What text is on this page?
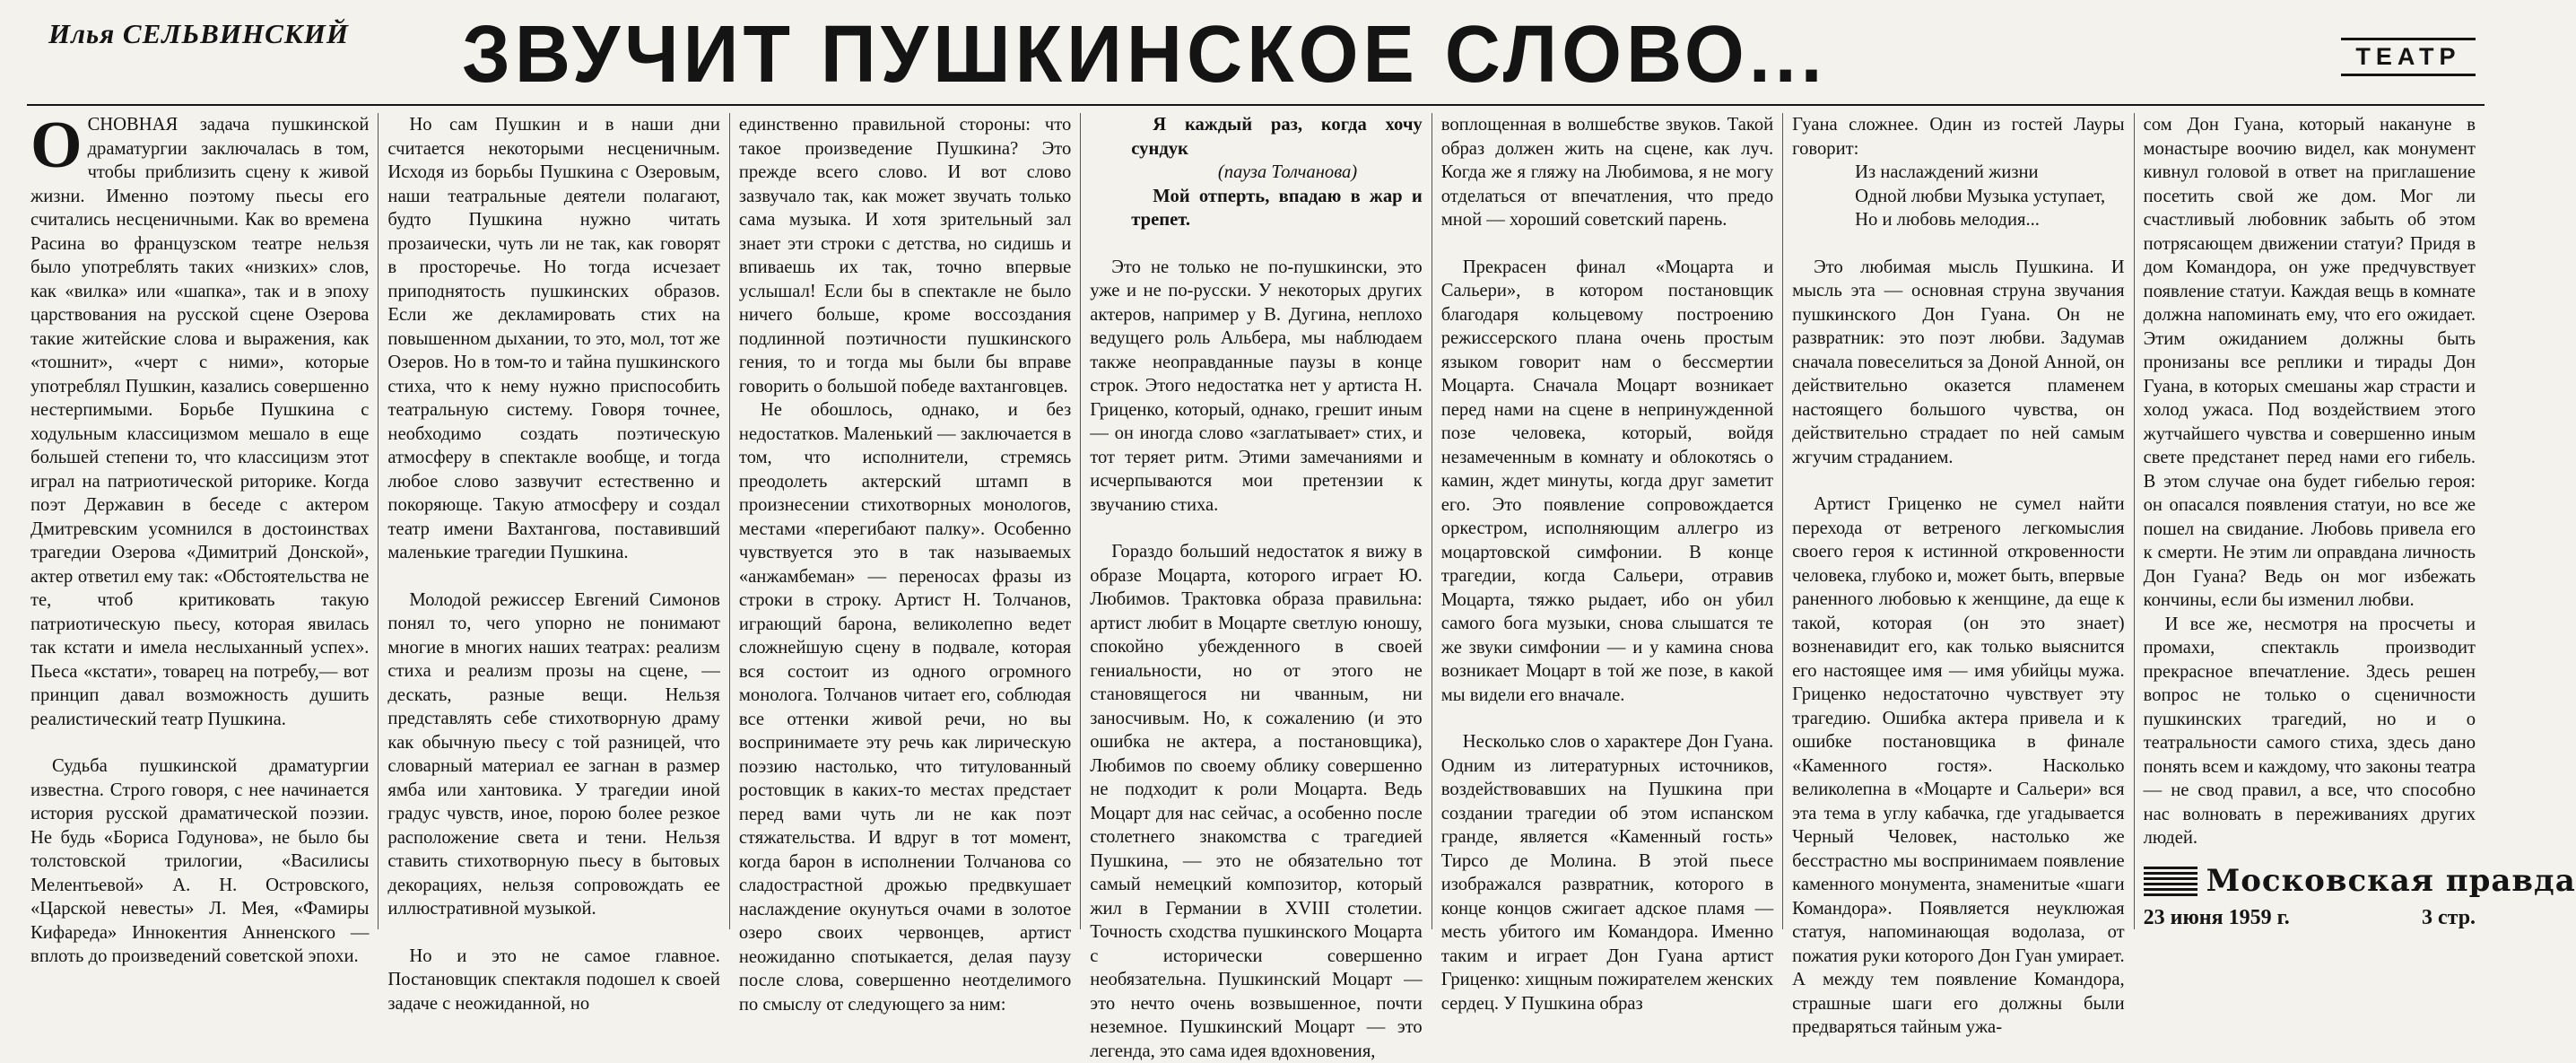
Илья СЕЛЬВИНСКИЙ ЗВУЧИТ ПУШКИНСКОЕ СЛОВО...	ТЕАТР

ОСНОВНАЯ задача пушкинской драматургии заключалась в том, чтобы приблизить сцену к живой жизни. Именно поэтому пьесы его считались несценичными. Как во времена Расина во французском театре нельзя было употреблять таких «низких» слов, как «вилка» или «шапка», так и в эпоху царствования на русской сцене Озерова такие житейские слова и выражения, как «тошнит», «черт с ними», которые употреблял Пушкин, казались совершенно нестерпимыми. Борьбе Пушкина с ходульным классицизмом мешало в еще большей степени то, что классицизм этот играл на патриотической риторике. Когда поэт Державин в беседе с актером Дмитревским усомнился в достоинствах трагедии Озерова «Димитрий Донской», актер ответил ему так: «Обстоятельства не те, чтоб критиковать такую патриотическую пьесу, которая явилась так кстати и имела неслыханный успех». Пьеса «кстати», товарец на потребу,— вот принцип давал возможность душить реалистический театр Пушкина.

Судьба пушкинской драматургии известна. Строго говоря, с нее начинается история русской драматической поэзии. Не будь «Бориса Годунова», не было бы толстовской трилогии, «Василисы Мелентьевой» А. Н. Островского, «Царской невесты» Л. Мея, «Фамиры Кифареда» Иннокентия Анненского — вплоть до произведений советской эпохи.

Но сам Пушкин и в наши дни считается некоторыми несценичным. Исходя из борьбы Пушкина с Озеровым, наши театральные деятели полагают, будто Пушкина нужно читать прозаически, чуть ли не так, как говорят в просторечье. Но тогда исчезает приподнятость пушкинских образов. Если же декламировать стих на повышенном дыхании, то это, мол, тот же Озеров. Но в том-то и тайна пушкинского стиха, что к нему нужно приспособить театральную систему. Говоря точнее, необходимо создать поэтическую атмосферу в спектакле вообще, и тогда любое слово зазвучит естественно и покоряюще. Такую атмосферу и создал театр имени Вахтангова, поставивший маленькие трагедии Пушкина.

Молодой режиссер Евгений Симонов понял то, чего упорно не понимают многие в многих наших театрах: реализм стиха и реализм прозы на сцене, — дескать, разные вещи. Нельзя представлять себе стихотворную драму как обычную пьесу с той разницей, что словарный материал ее загнан в размер ямба или хантовика. У трагедии иной градус чувств, иное, порою более резкое расположение света и тени. Нельзя ставить стихотворную пьесу в бытовых декорациях, нельзя сопровождать ее иллюстративной музыкой.

Но и это не самое главное. Постановщик спектакля подошел к своей задаче с неожиданной, но

единственно правильной стороны: что такое произведение Пушкина? Это прежде всего слово. И вот слово зазвучало так, как может звучать только сама музыка. И хотя зрительный зал знает эти строки с детства, но сидишь и впиваешь их так, точно впервые услышал! Если бы в спектакле не было ничего больше, кроме воссоздания подлинной поэтичности пушкинского гения, то и тогда мы были бы вправе говорить о большой победе вахтанговцев.

Не обошлось, однако, и без недостатков. Маленький — заключается в том, что исполнители, стремясь преодолеть актерский штамп в произнесении стихотворных монологов, местами «перегибают палку». Особенно чувствуется это в так называемых «анжамбеман» — переносах фразы из строки в строку. Артист Н. Толчанов, играющий барона, великолепно ведет сложнейшую сцену в подвале, которая вся состоит из одного огромного монолога. Толчанов читает его, соблюдая все оттенки живой речи, но вы воспринимаете эту речь как лирическую поэзию настолько, что титулованный ростовщик в каких-то местах предстает перед вами чуть ли не как поэт стяжательства. И вдруг в тот момент, когда барон в исполнении Толчанова со сладострастной дрожью предвкушает наслаждение окунуться очами в золотое озеро своих червонцев, артист неожиданно спотыкается, делая паузу после слова, совершенно неотделимого по смыслу от следующего за ним:

Я каждый раз, когда хочу сундук

(пауза Толчанова)

Мой отперть, впадаю в жар и трепет.

Это не только не по-пушкински, это уже и не по-русски. У некоторых других актеров, например у В. Дугина, неплохо ведущего роль Альбера, мы наблюдаем также неоправданные паузы в конце строк. Этого недостатка нет у артиста Н. Гриценко, который, однако, грешит иным — он иногда слово «заглатывает» стих, и тот теряет ритм. Этими замечаниями и исчерпываются мои претензии к звучанию стиха.

Гораздо больший недостаток я вижу в образе Моцарта, которого играет Ю. Любимов. Трактовка образа правильна: артист любит в Моцарте светлую юношу, спокойно убежденного в своей гениальности, но от этого не становящегося ни чванным, ни заносчивым. Но, к сожалению (и это ошибка не актера, а постановщика), Любимов по своему облику совершенно не подходит к роли Моцарта. Ведь Моцарт для нас сейчас, а особенно после столетнего знакомства с трагедией Пушкина, — это не обязательно тот самый немецкий композитор, который жил в Германии в XVIII столетии. Точность сходства пушкинского Моцарта с исторически совершенно необязательна. Пушкинский Моцарт — это нечто очень возвышенное, почти неземное. Пушкинский Моцарт — это легенда, это сама идея вдохновения,

воплощенная в волшебстве звуков. Такой образ должен жить на сцене, как луч. Когда же я гляжу на Любимова, я не могу отделаться от впечатления, что предо мной — хороший советский парень.

Прекрасен финал «Моцарта и Сальери», в котором постановщик благодаря кольцевому построению режиссерского плана очень простым языком говорит нам о бессмертии Моцарта. Сначала Моцарт возникает перед нами на сцене в непринужденной позе человека, который, войдя незамеченным в комнату и облокотясь о камин, ждет минуты, когда друг заметит его. Это появление сопровождается оркестром, исполняющим аллегро из моцартовской симфонии. В конце трагедии, когда Сальери, отравив Моцарта, тяжко рыдает, ибо он убил самого бога музыки, снова слышатся те же звуки симфонии — и у камина снова возникает Моцарт в той же позе, в какой мы видели его вначале.

Несколько слов о характере Дон Гуана. Одним из литературных источников, воздействовавших на Пушкина при создании трагедии об этом испанском гранде, является «Каменный гость» Тирсо де Молина. В этой пьесе изображался развратник, которого в конце концов сжигает адское пламя — месть убитого им Командора. Именно таким и играет Дон Гуана артист Гриценко: хищным пожирателем женских сердец. У Пушкина образ

Гуана сложнее. Один из гостей Лауры говорит:

Из наслаждений жизни
Одной любви Музыка уступает,
Но и любовь мелодия...

Это любимая мысль Пушкина. И мысль эта — основная струна звучания пушкинского Дон Гуана. Он не развратник: это поэт любви. Задумав сначала повеселиться за Доной Анной, он действительно оказется пламенем настоящего большого чувства, он действительно страдает по ней самым жгучим страданием.

Артист Гриценко не сумел найти перехода от ветреного легкомыслия своего героя к истинной откровенности человека, глубоко и, может быть, впервые раненного любовью к женщине, да еще к такой, которая (он это знает) возненавидит его, как только выяснится его настоящее имя — имя убийцы мужа. Гриценко недостаточно чувствует эту трагедию. Ошибка актера привела и к ошибке постановщика в финале «Каменного гостя». Насколько великолепна в «Моцарте и Сальери» вся эта тема в углу кабачка, где угадывается Черный Человек, настолько же бесстрастно мы воспринимаем появление каменного монумента, знаменитые «шаги Командора». Появляется неуклюжая статуя, напоминающая водолаза, от пожатия руки которого Дон Гуан умирает. А между тем появление Командора, страшные шаги его должны были предваряться тайным ужа-

сом Дон Гуана, который накануне в монастыре воочию видел, как монумент кивнул головой в ответ на приглашение посетить свой же дом. Мог ли счастливый любовник забыть об этом потрясающем движении статуи? Придя в дом Командора, он уже предчувствует появление статуи. Каждая вещь в комнате должна напоминать ему, что его ожидает. Этим ожиданием должны быть пронизаны все реплики и тирады Дон Гуана, в которых смешаны жар страсти и холод ужаса. Под воздействием этого жутчайшего чувства и совершенно иным свете предстанет перед нами его гибель. В этом случае она будет гибелью героя: он опасался появления статуи, но все же пошел на свидание. Любовь привела его к смерти. Не этим ли оправдана личность Дон Гуана? Ведь он мог избежать кончины, если бы изменил любви.

И все же, несмотря на просчеты и промахи, спектакль производит прекрасное впечатление. Здесь решен вопрос не только о сценичности пушкинских трагедий, но и о театральности самого стиха, здесь дано понять всем и каждому, что законы театра — не свод правил, а все, что способно нас волновать в переживаниях других людей.

Московская правда
23 июня 1959 г.	3 стр.
